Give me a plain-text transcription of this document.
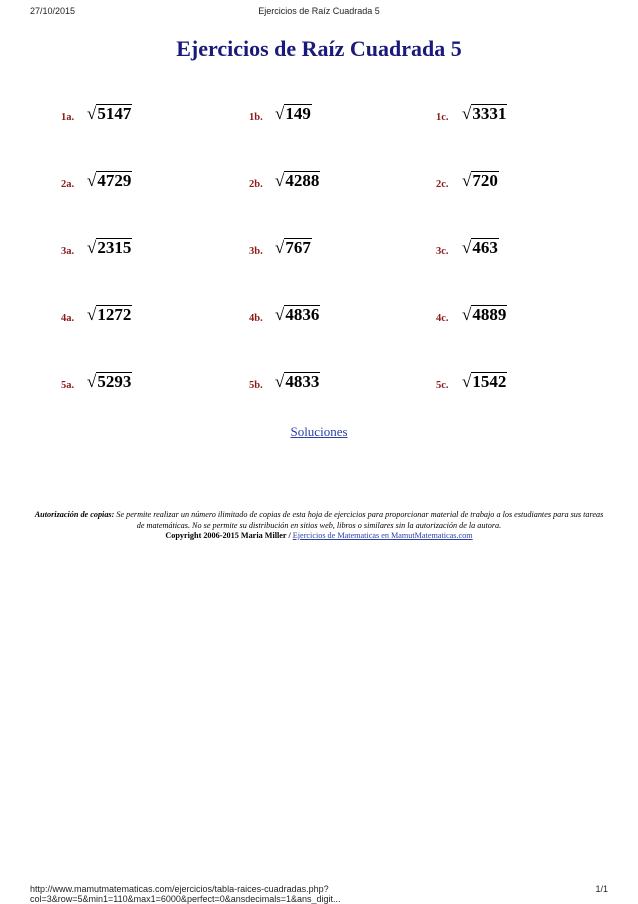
27/10/2015	Ejercicios de Raíz Cuadrada 5
Ejercicios de Raíz Cuadrada 5
1a. √5147	1b. √149	1c. √3331
2a. √4729	2b. √4288	2c. √720
3a. √2315	3b. √767	3c. √463
4a. √1272	4b. √4836	4c. √4889
5a. √5293	5b. √4833	5c. √1542
Soluciones
Autorización de copias: Se permite realizar un número ilimitado de copias de esta hoja de ejercicios para proporcionar material de trabajo a los estudiantes para sus tareas de matemáticas. No se permite su distribución en sitios web, libros o similares sin la autorización de la autora.
Copyright 2006-2015 Maria Miller / Ejercicios de Matematicas en MamutMatematicas.com
http://www.mamutmatematicas.com/ejercicios/tabla-raices-cuadradas.php?col=3&row=5&min1=110&max1=6000&perfect=0&ansdecimals=1&ans_digit...
1/1
